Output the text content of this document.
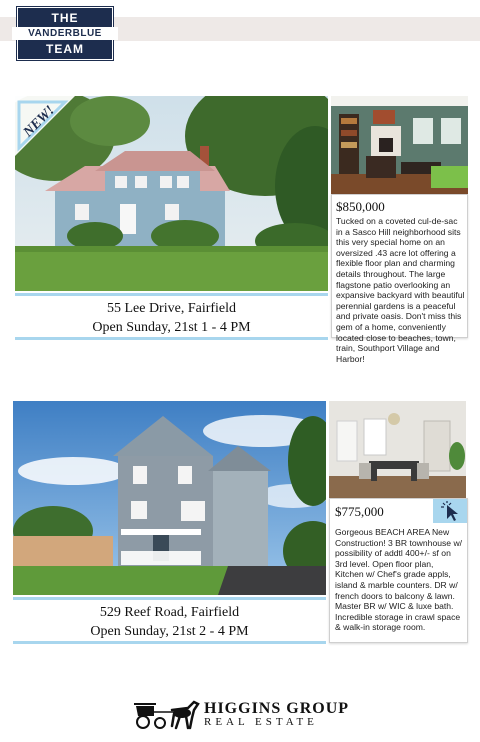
THE
VANDERBLUE
TEAM
NEW!
$850,000
Tucked on a coveted cul-de-sac in a Sasco Hill neighborhood sits this very special home on an oversized .43 acre lot offering a flexible floor plan and charming details throughout. The large flagstone patio overlooking an expansive backyard with beautiful perennial gardens is a peaceful and private oasis. Don't miss this gem of a home, conveniently located close to beaches, town, train, Southport Village and Harbor!
55 Lee Drive, Fairfield
Open Sunday, 21st 1 - 4 PM
$775,000
Gorgeous BEACH AREA New Construction! 3 BR townhouse w/ possibility of addtl 400+/- sf on 3rd level. Open floor plan, Kitchen w/ Chef's grade appls, island & marble counters. DR w/ french doors to balcony & lawn. Master BR w/ WIC & luxe bath. Incredible storage in crawl space & walk-in storage room.
529 Reef Road, Fairfield
Open Sunday, 21st 2 - 4 PM
HIGGINS GROUP
REAL ESTATE
